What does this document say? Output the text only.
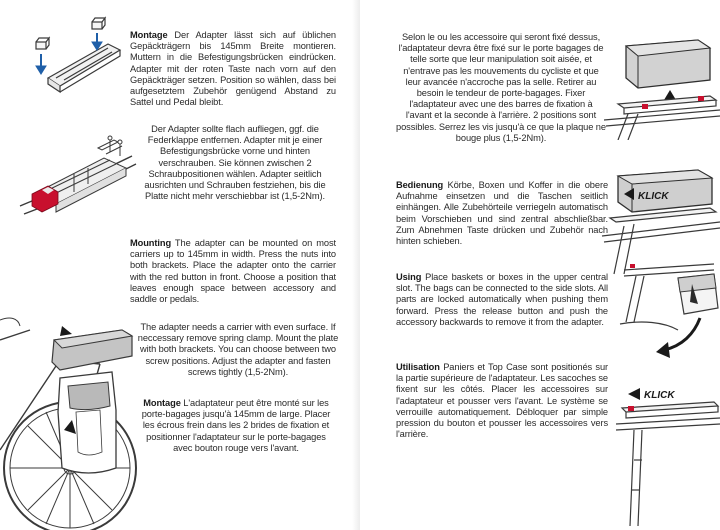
Montage Der Adapter lässt sich auf üblichen Gepäckträgern bis 145mm Breite montieren. Muttern in die Befestigungsbrücken eindrücken. Adapter mit der roten Taste nach vorn auf den Gepäckträger setzen. Position so wählen, dass bei aufgesetztem Zubehör genügend Abstand zu Sattel und Pedal bleibt.

Der Adapter sollte flach aufliegen, ggf. die Federklappe entfernen. Adapter mit je einer Befestigungsbrücke vorne und hinten verschrauben. Sie können zwischen 2 Schraubpositionen wählen. Adapter seitlich ausrichten und Schrauben festziehen, bis die Platte nicht mehr verschiebbar ist (1,5-2Nm).

Mounting The adapter can be mounted on most carriers up to 145mm in width. Press the nuts into both brackets. Place the adapter onto the carrier with the red button in front. Choose a position that leaves enough space between accessory and saddle or pedals.

The adapter needs a carrier with even surface. If neccessary remove spring clamp. Mount the plate with both brackets. You can choose between two screw positions. Adjust the adapter and fasten screws tightly (1,5-2Nm).

Montage L'adaptateur peut être monté sur les porte-bagages jusqu'à 145mm de large. Placer les écrous frein dans les 2 brides de fixation et positionner l'adaptateur sur le porte-bagages avec bouton rouge vers l'avant.

Selon le ou les accessoire qui seront fixé dessus, l'adaptateur devra être fixé sur le porte bagages de telle sorte que leur manipulation soit aisée, et n'entrave pas les mouvements du cycliste et que leur avancée n'accroche pas la selle. Retirer au besoin le tendeur de porte-bagages. Fixer l'adaptateur avec une des barres de fixation à l'avant et la seconde à l'arrière. 2 positions sont possibles. Serrez les vis jusqu'à ce que la plaque ne bouge plus (1,5-2Nm).

Bedienung Körbe, Boxen und Koffer in die obere Aufnahme einsetzen und die Taschen seitlich einhängen. Alle Zubehörteile verriegeln automatisch beim Vorschieben und sind zentral abschließbar. Zum Abnehmen Taste drücken und Zubehör nach hinten schieben.

KLICK

Using Place baskets or boxes in the upper central slot. The bags can be connected to the side slots. All parts are locked automatically when pushing them forward. Press the release button and push the accessory backwards to remove it from the adapter.

Utilisation Paniers et Top Case sont positionés sur la partie supérieure de l'adaptateur. Les sacoches se fixent sur les côtés. Placer les accessoires sur l'adaptateur et pousser vers l'avant. Le système se verrouille automatiquement. Débloquer par simple pression du bouton et pousser les accessoires vers l'arrière.

KLICK
